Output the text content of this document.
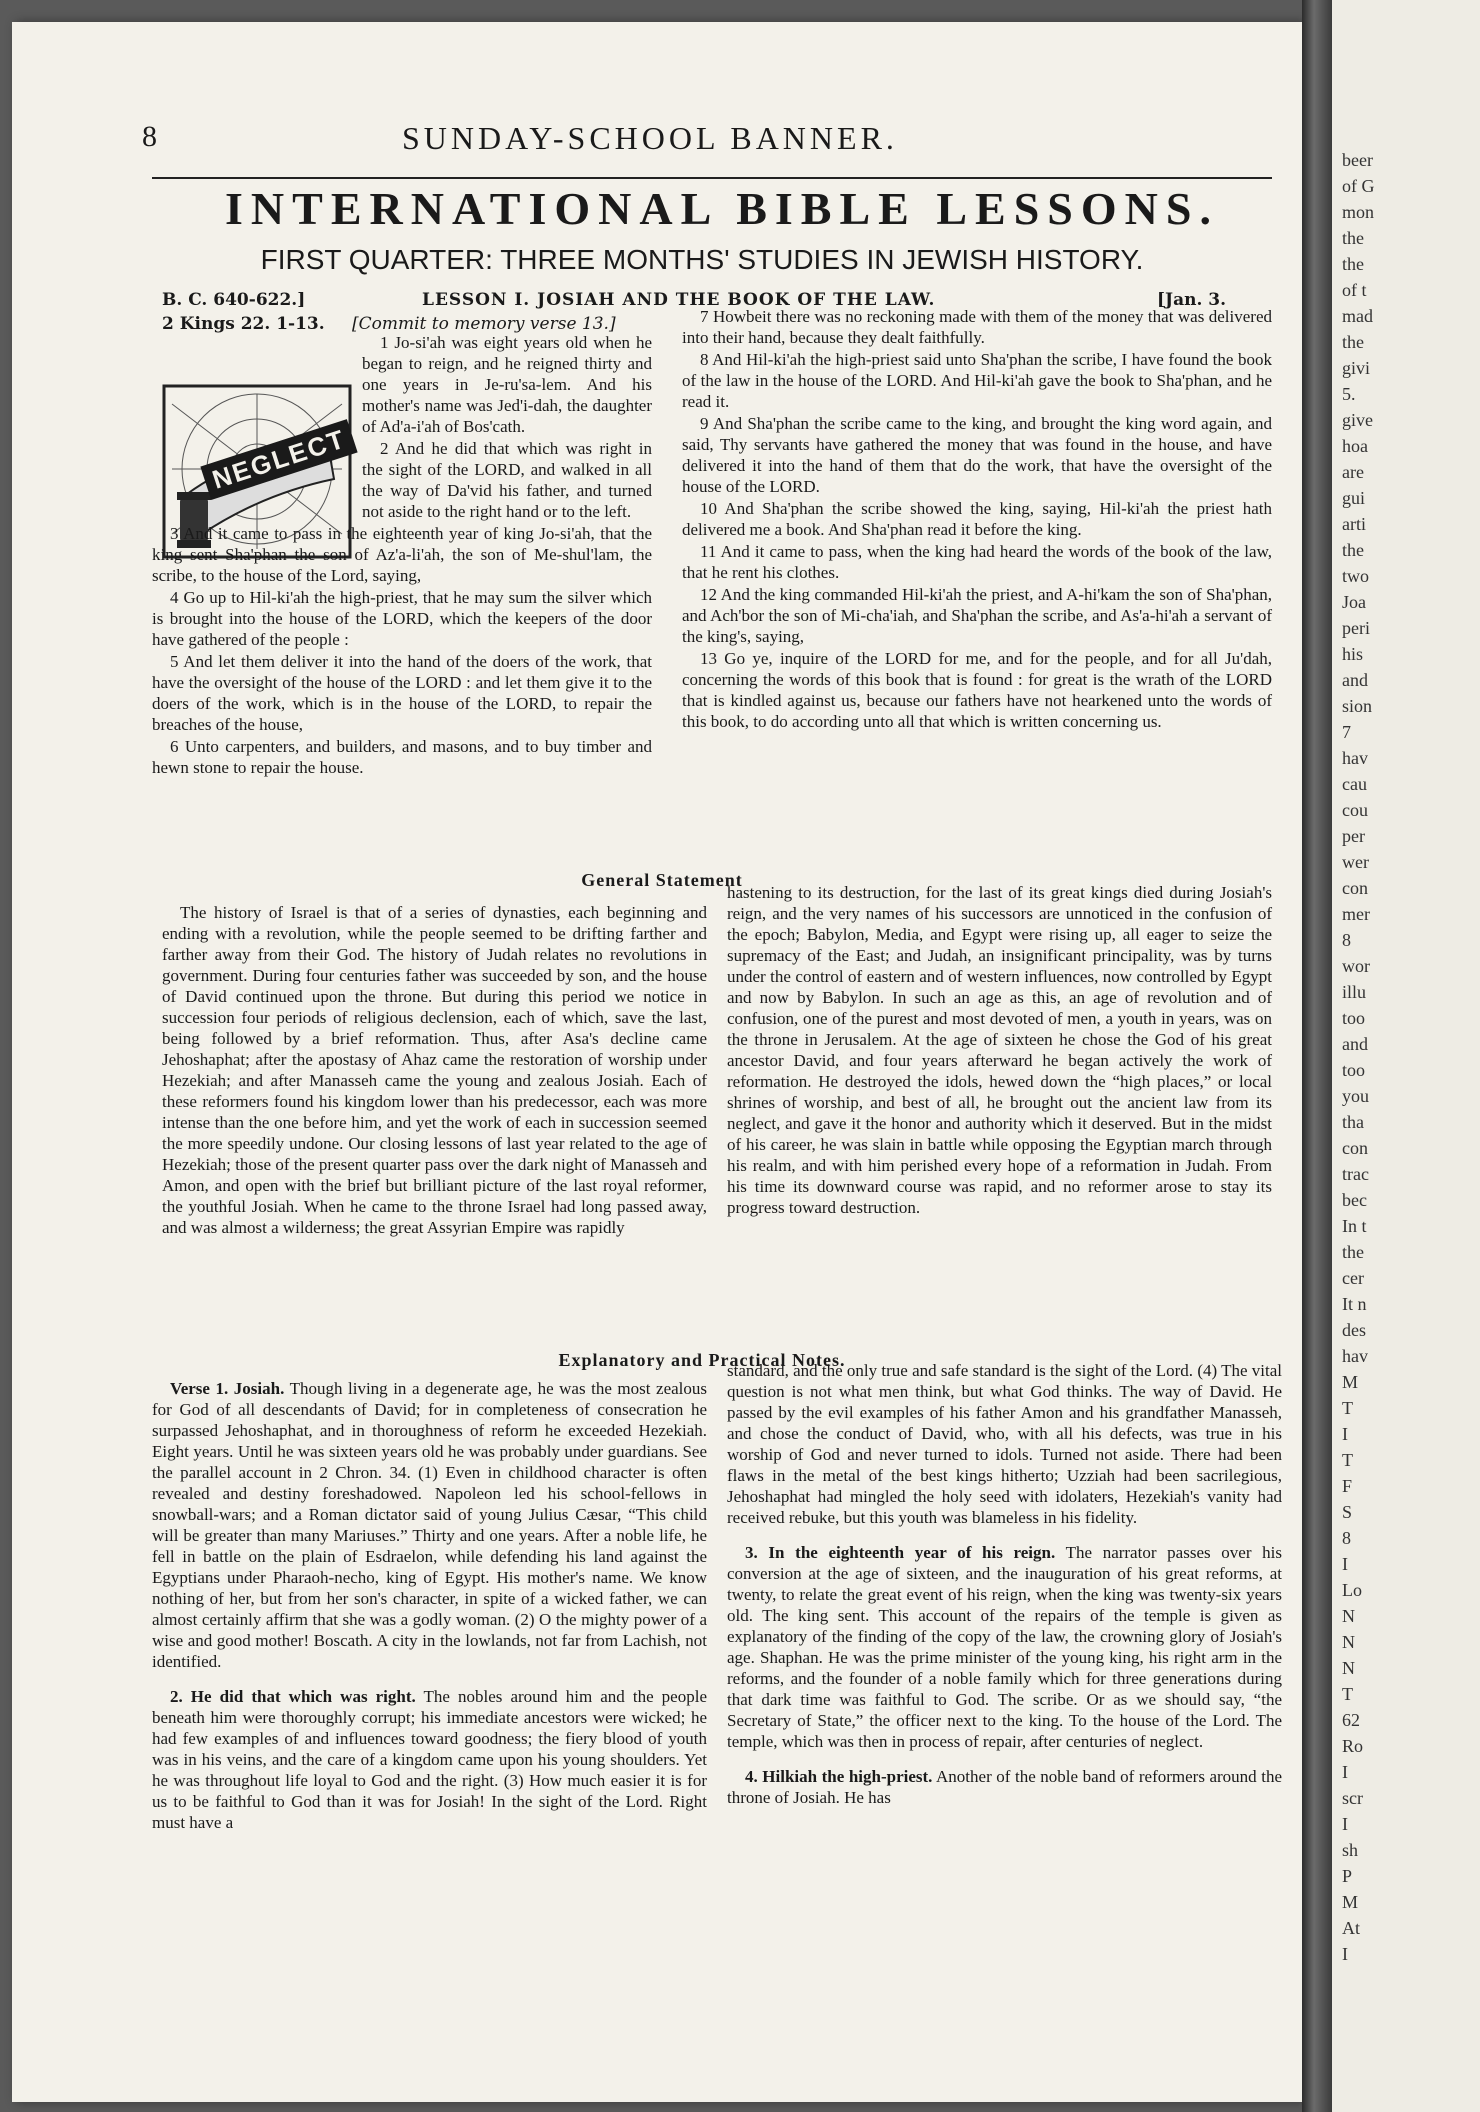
8	SUNDAY-SCHOOL BANNER.
INTERNATIONAL BIBLE LESSONS.
FIRST QUARTER: THREE MONTHS' STUDIES IN JEWISH HISTORY.
B. C. 640-622.]	LESSON I. JOSIAH AND THE BOOK OF THE LAW.	[Jan. 3.
2 Kings 22. 1-13. [Commit to memory verse 13.]
NEGLECT

1 Jo-si'ah was eight years old when he began to reign, and he reigned thirty and one years in Je-ru'sa-lem. And his mother's name was Jed'i-dah, the daughter of Ad'a-i'ah of Bos'cath.

2 And he did that which was right in the sight of the LORD, and walked in all the way of Da'vid his father, and turned not aside to the right hand or to the left.

3 And it came to pass in the eighteenth year of king Jo-si'ah, that the king sent Sha'phan the son of Az'a-li'ah, the son of Me-shul'lam, the scribe, to the house of the Lord, saying,

4 Go up to Hil-ki'ah the high-priest, that he may sum the silver which is brought into the house of the LORD, which the keepers of the door have gathered of the people :

5 And let them deliver it into the hand of the doers of the work, that have the oversight of the house of the LORD : and let them give it to the doers of the work, which is in the house of the LORD, to repair the breaches of the house,

6 Unto carpenters, and builders, and masons, and to buy timber and hewn stone to repair the house.

7 Howbeit there was no reckoning made with them of the money that was delivered into their hand, because they dealt faithfully.

8 And Hil-ki'ah the high-priest said unto Sha'phan the scribe, I have found the book of the law in the house of the LORD. And Hil-ki'ah gave the book to Sha'phan, and he read it.

9 And Sha'phan the scribe came to the king, and brought the king word again, and said, Thy servants have gathered the money that was found in the house, and have delivered it into the hand of them that do the work, that have the oversight of the house of the LORD.

10 And Sha'phan the scribe showed the king, saying, Hil-ki'ah the priest hath delivered me a book. And Sha'phan read it before the king.

11 And it came to pass, when the king had heard the words of the book of the law, that he rent his clothes.

12 And the king commanded Hil-ki'ah the priest, and A-hi'kam the son of Sha'phan, and Ach'bor the son of Mi-cha'iah, and Sha'phan the scribe, and As'a-hi'ah a servant of the king's, saying,

13 Go ye, inquire of the LORD for me, and for the people, and for all Ju'dah, concerning the words of this book that is found : for great is the wrath of the LORD that is kindled against us, because our fathers have not hearkened unto the words of this book, to do according unto all that which is written concerning us.

General Statement

The history of Israel is that of a series of dynasties, each beginning and ending with a revolution, while the people seemed to be drifting farther and farther away from their God. The history of Judah relates no revolutions in government. During four centuries father was succeeded by son, and the house of David continued upon the throne. But during this period we notice in succession four periods of religious declension, each of which, save the last, being followed by a brief reformation. Thus, after Asa's decline came Jehoshaphat; after the apostasy of Ahaz came the restoration of worship under Hezekiah; and after Manasseh came the young and zealous Josiah. Each of these reformers found his kingdom lower than his predecessor, each was more intense than the one before him, and yet the work of each in succession seemed the more speedily undone. Our closing lessons of last year related to the age of Hezekiah; those of the present quarter pass over the dark night of Manasseh and Amon, and open with the brief but brilliant picture of the last royal reformer, the youthful Josiah. When he came to the throne Israel had long passed away, and was almost a wilderness; the great Assyrian Empire was rapidly

hastening to its destruction, for the last of its great kings died during Josiah's reign, and the very names of his successors are unnoticed in the confusion of the epoch; Babylon, Media, and Egypt were rising up, all eager to seize the supremacy of the East; and Judah, an insignificant principality, was by turns under the control of eastern and of western influences, now controlled by Egypt and now by Babylon. In such an age as this, an age of revolution and of confusion, one of the purest and most devoted of men, a youth in years, was on the throne in Jerusalem. At the age of sixteen he chose the God of his great ancestor David, and four years afterward he began actively the work of reformation. He destroyed the idols, hewed down the “high places,” or local shrines of worship, and best of all, he brought out the ancient law from its neglect, and gave it the honor and authority which it deserved. But in the midst of his career, he was slain in battle while opposing the Egyptian march through his realm, and with him perished every hope of a reformation in Judah. From his time its downward course was rapid, and no reformer arose to stay its progress toward destruction.

Explanatory and Practical Notes.

Verse 1. Josiah. Though living in a degenerate age, he was the most zealous for God of all descendants of David; for in completeness of consecration he surpassed Jehoshaphat, and in thoroughness of reform he exceeded Hezekiah. Eight years. Until he was sixteen years old he was probably under guardians. See the parallel account in 2 Chron. 34. (1) Even in childhood character is often revealed and destiny foreshadowed. Napoleon led his school-fellows in snowball-wars; and a Roman dictator said of young Julius Cæsar, “This child will be greater than many Mariuses.” Thirty and one years. After a noble life, he fell in battle on the plain of Esdraelon, while defending his land against the Egyptians under Pharaoh-necho, king of Egypt. His mother's name. We know nothing of her, but from her son's character, in spite of a wicked father, we can almost certainly affirm that she was a godly woman. (2) O the mighty power of a wise and good mother! Boscath. A city in the lowlands, not far from Lachish, not identified.

2. He did that which was right. The nobles around him and the people beneath him were thoroughly corrupt; his immediate ancestors were wicked; he had few examples of and influences toward goodness; the fiery blood of youth was in his veins, and the care of a kingdom came upon his young shoulders. Yet he was throughout life loyal to God and the right. (3) How much easier it is for us to be faithful to God than it was for Josiah! In the sight of the Lord. Right must have a

standard, and the only true and safe standard is the sight of the Lord. (4) The vital question is not what men think, but what God thinks. The way of David. He passed by the evil examples of his father Amon and his grandfather Manasseh, and chose the conduct of David, who, with all his defects, was true in his worship of God and never turned to idols. Turned not aside. There had been flaws in the metal of the best kings hitherto; Uzziah had been sacrilegious, Jehoshaphat had mingled the holy seed with idolaters, Hezekiah's vanity had received rebuke, but this youth was blameless in his fidelity.

3. In the eighteenth year of his reign. The narrator passes over his conversion at the age of sixteen, and the inauguration of his great reforms, at twenty, to relate the great event of his reign, when the king was twenty-six years old. The king sent. This account of the repairs of the temple is given as explanatory of the finding of the copy of the law, the crowning glory of Josiah's age. Shaphan. He was the prime minister of the young king, his right arm in the reforms, and the founder of a noble family which for three generations during that dark time was faithful to God. The scribe. Or as we should say, “the Secretary of State,” the officer next to the king. To the house of the Lord. The temple, which was then in process of repair, after centuries of neglect.

4. Hilkiah the high-priest. Another of the noble band of reformers around the throne of Josiah. He has

beer
of G
mon
the
the
of t
mad
the
givi
5.
give
hoa
are
gui
arti
the
two
Joa
peri
his
and
sion
7
hav
cau
cou
per
wer
con
mer
8
wor
illu
too
and
too
you
tha
con
trac
bec
In t
the
cer
It n
des
hav
M
T
I
T
F
S
8
I
Lo
N
N
N
T
62
Ro
I
scr
I
sh
P
M
At
I
